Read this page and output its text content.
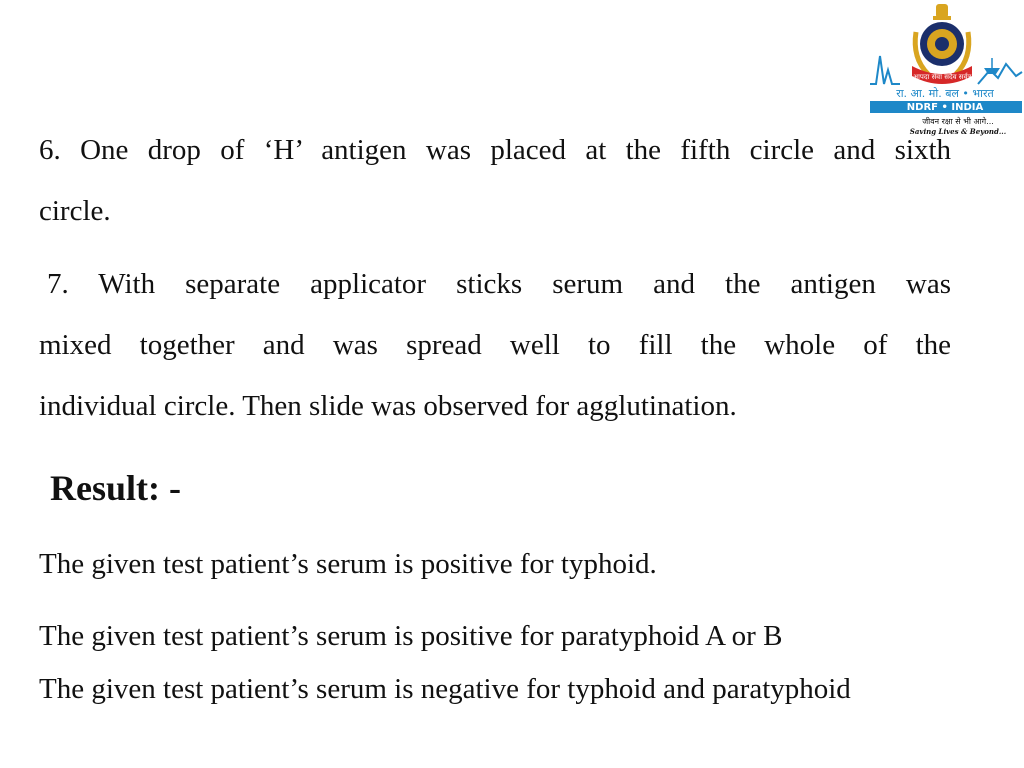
आपदा सेवा सदैव सर्वत्र
रा. आ. मो. बल • भारत
NDRF • INDIA
जीवन रक्षा से भी आगे...
Saving Lives & Beyond...

6. One drop of ‘H’ antigen was placed at the fifth circle and sixth
circle.

7. With separate applicator sticks serum and the antigen was
mixed together and was spread well to fill the whole of the
individual circle. Then slide was observed for agglutination.

Result: -

The given test patient’s serum is positive for typhoid.

The given test patient’s serum is positive for paratyphoid A or B

The given test patient’s serum is negative for typhoid and paratyphoid
